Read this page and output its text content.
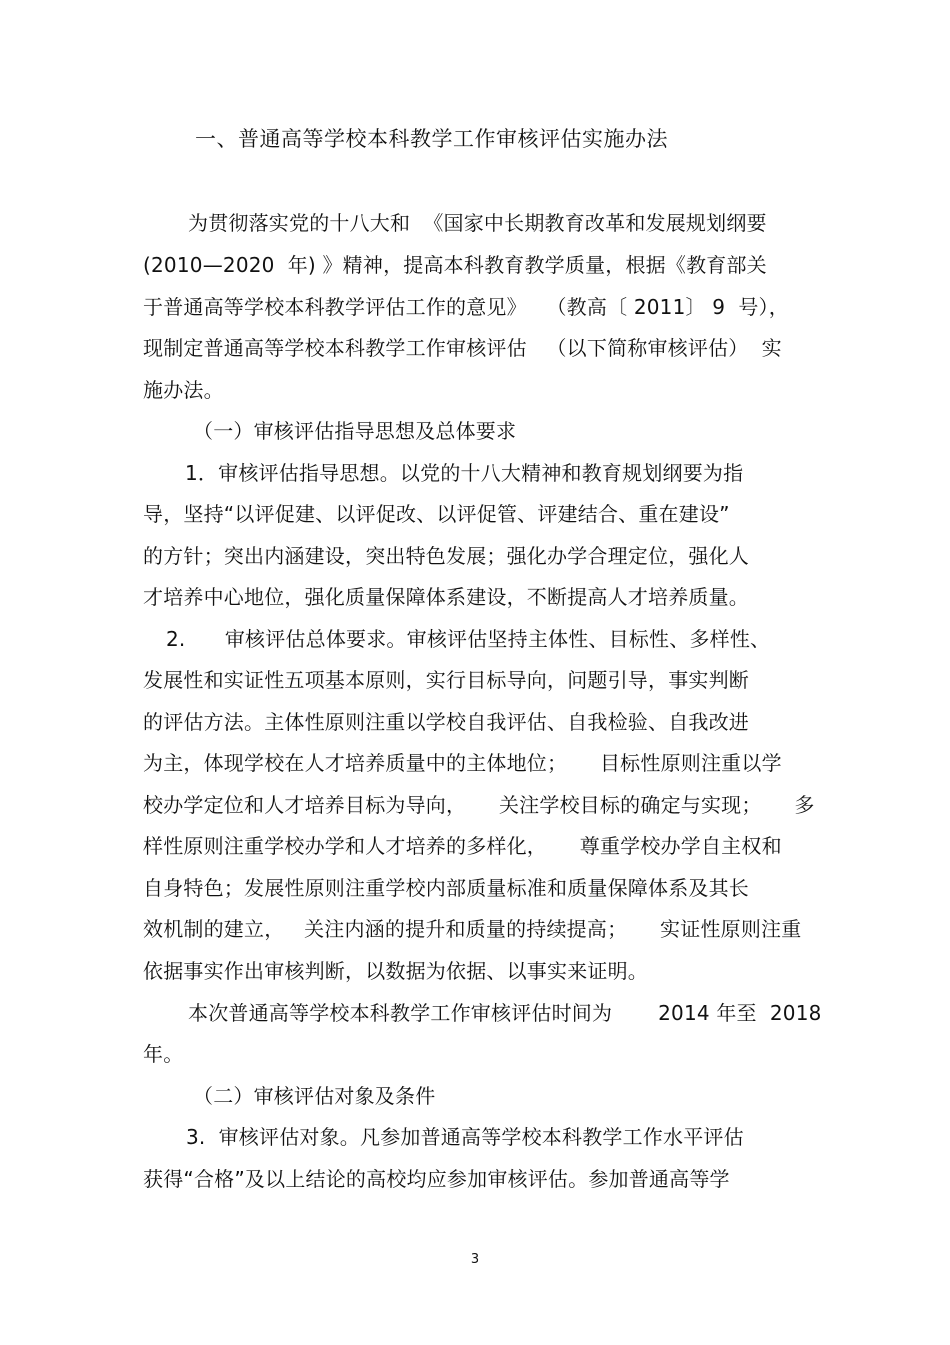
一、普通高等学校本科教学工作审核评估实施办法
为贯彻落实党的十八大和  《国家中长期教育改革和发展规划纲要
(2010—2020  年) 》精神，提高本科教育教学质量，根据《教育部关
于普通高等学校本科教学评估工作的意见》   （教高〔 2011〕 9  号），
现制定普通高等学校本科教学工作审核评估   （以下简称审核评估）  实
施办法。
（一）审核评估指导思想及总体要求
1．审核评估指导思想。以党的十八大精神和教育规划纲要为指
导，坚持“以评促建、以评促改、以评促管、评建结合、重在建设”
的方针；突出内涵建设，突出特色发展；强化办学合理定位，强化人
才培养中心地位，强化质量保障体系建设，不断提高人才培养质量。
2.      审核评估总体要求。审核评估坚持主体性、目标性、多样性、
发展性和实证性五项基本原则，实行目标导向，问题引导，事实判断
的评估方法。主体性原则注重以学校自我评估、自我检验、自我改进
为主，体现学校在人才培养质量中的主体地位；     目标性原则注重以学
校办学定位和人才培养目标为导向，     关注学校目标的确定与实现；     多
样性原则注重学校办学和人才培养的多样化，     尊重学校办学自主权和
自身特色；发展性原则注重学校内部质量标准和质量保障体系及其长
效机制的建立，   关注内涵的提升和质量的持续提高；     实证性原则注重
依据事实作出审核判断，以数据为依据、以事实来证明。
本次普通高等学校本科教学工作审核评估时间为       2014 年至  2018
年。
（二）审核评估对象及条件
3.  审核评估对象。凡参加普通高等学校本科教学工作水平评估
获得“合格”及以上结论的高校均应参加审核评估。参加普通高等学
3
